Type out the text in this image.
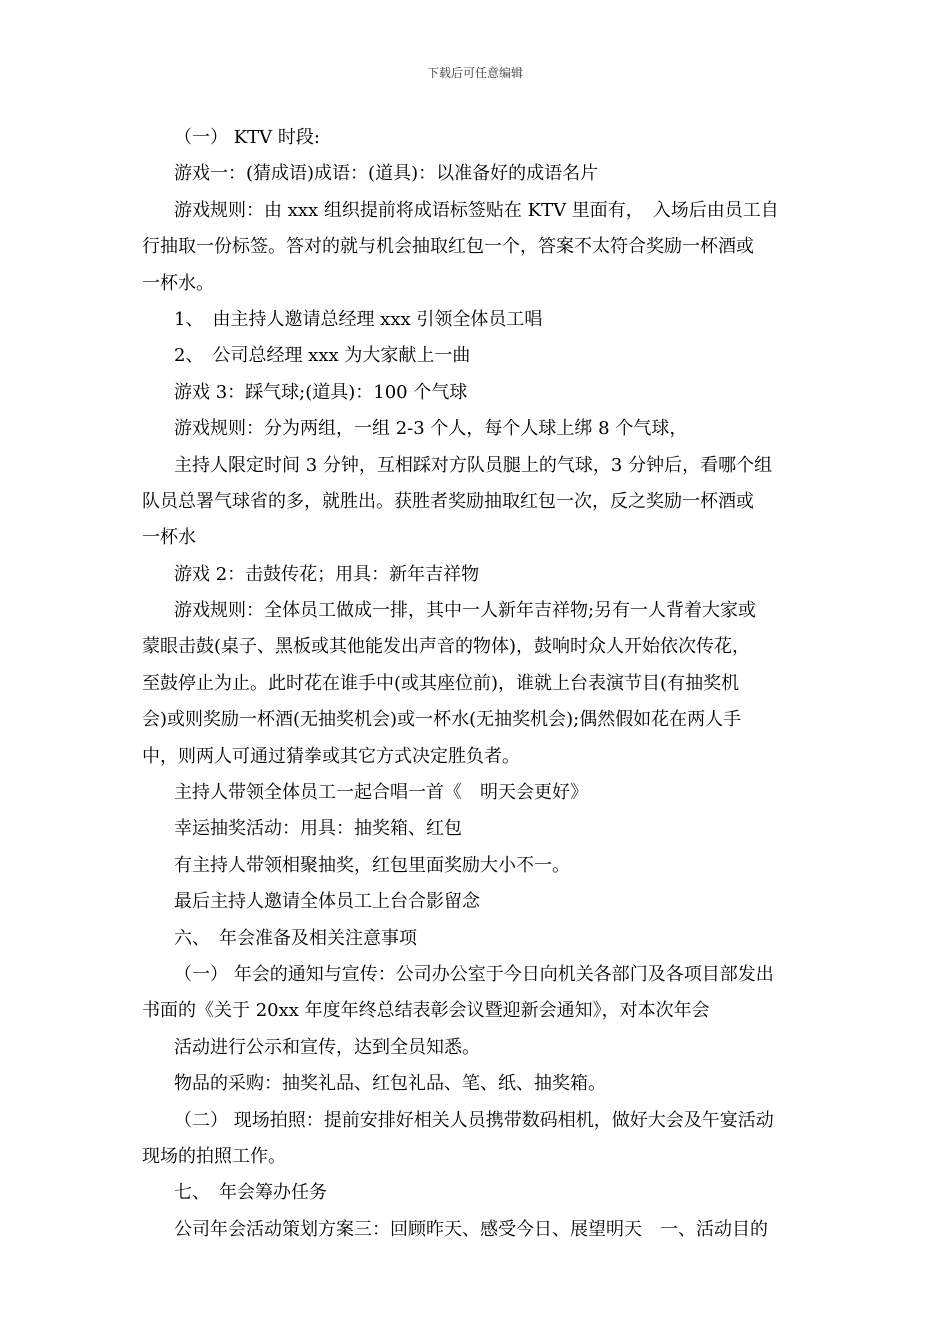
下载后可任意编辑
（一） KTV 时段:
游戏一：(猜成语)成语：(道具)：以准备好的成语名片
游戏规则：由 xxx 组织提前将成语标签贴在 KTV 里面有，　入场后由员工自
行抽取一份标签。答对的就与机会抽取红包一个，答案不太符合奖励一杯酒或
一杯水。
1、　由主持人邀请总经理 xxx 引领全体员工唱
2、　公司总经理 xxx 为大家献上一曲
游戏 3：踩气球;(道具)：100 个气球
游戏规则：分为两组，一组 2-3 个人，每个人球上绑 8 个气球，
主持人限定时间 3 分钟，互相踩对方队员腿上的气球，3 分钟后，看哪个组
队员总署气球省的多，就胜出。获胜者奖励抽取红包一次，反之奖励一杯酒或
一杯水
游戏 2：击鼓传花；用具：新年吉祥物
游戏规则：全体员工做成一排，其中一人新年吉祥物;另有一人背着大家或
蒙眼击鼓(桌子、黑板或其他能发出声音的物体)，鼓响时众人开始依次传花，
至鼓停止为止。此时花在谁手中(或其座位前)，谁就上台表演节目(有抽奖机
会)或则奖励一杯酒(无抽奖机会)或一杯水(无抽奖机会);偶然假如花在两人手
中，则两人可通过猜拳或其它方式决定胜负者。
主持人带领全体员工一起合唱一首《　明天会更好》
幸运抽奖活动：用具：抽奖箱、红包
有主持人带领相聚抽奖，红包里面奖励大小不一。
最后主持人邀请全体员工上台合影留念
六、　年会准备及相关注意事项
（一） 年会的通知与宣传：公司办公室于今日向机关各部门及各项目部发出
书面的《关于 20xx 年度年终总结表彰会议暨迎新会通知》，对本次年会
活动进行公示和宣传，达到全员知悉。
物品的采购：抽奖礼品、红包礼品、笔、纸、抽奖箱。
（二） 现场拍照：提前安排好相关人员携带数码相机，做好大会及午宴活动
现场的拍照工作。
七、　年会筹办任务
公司年会活动策划方案三：回顾昨天、感受今日、展望明天　一、活动目的
